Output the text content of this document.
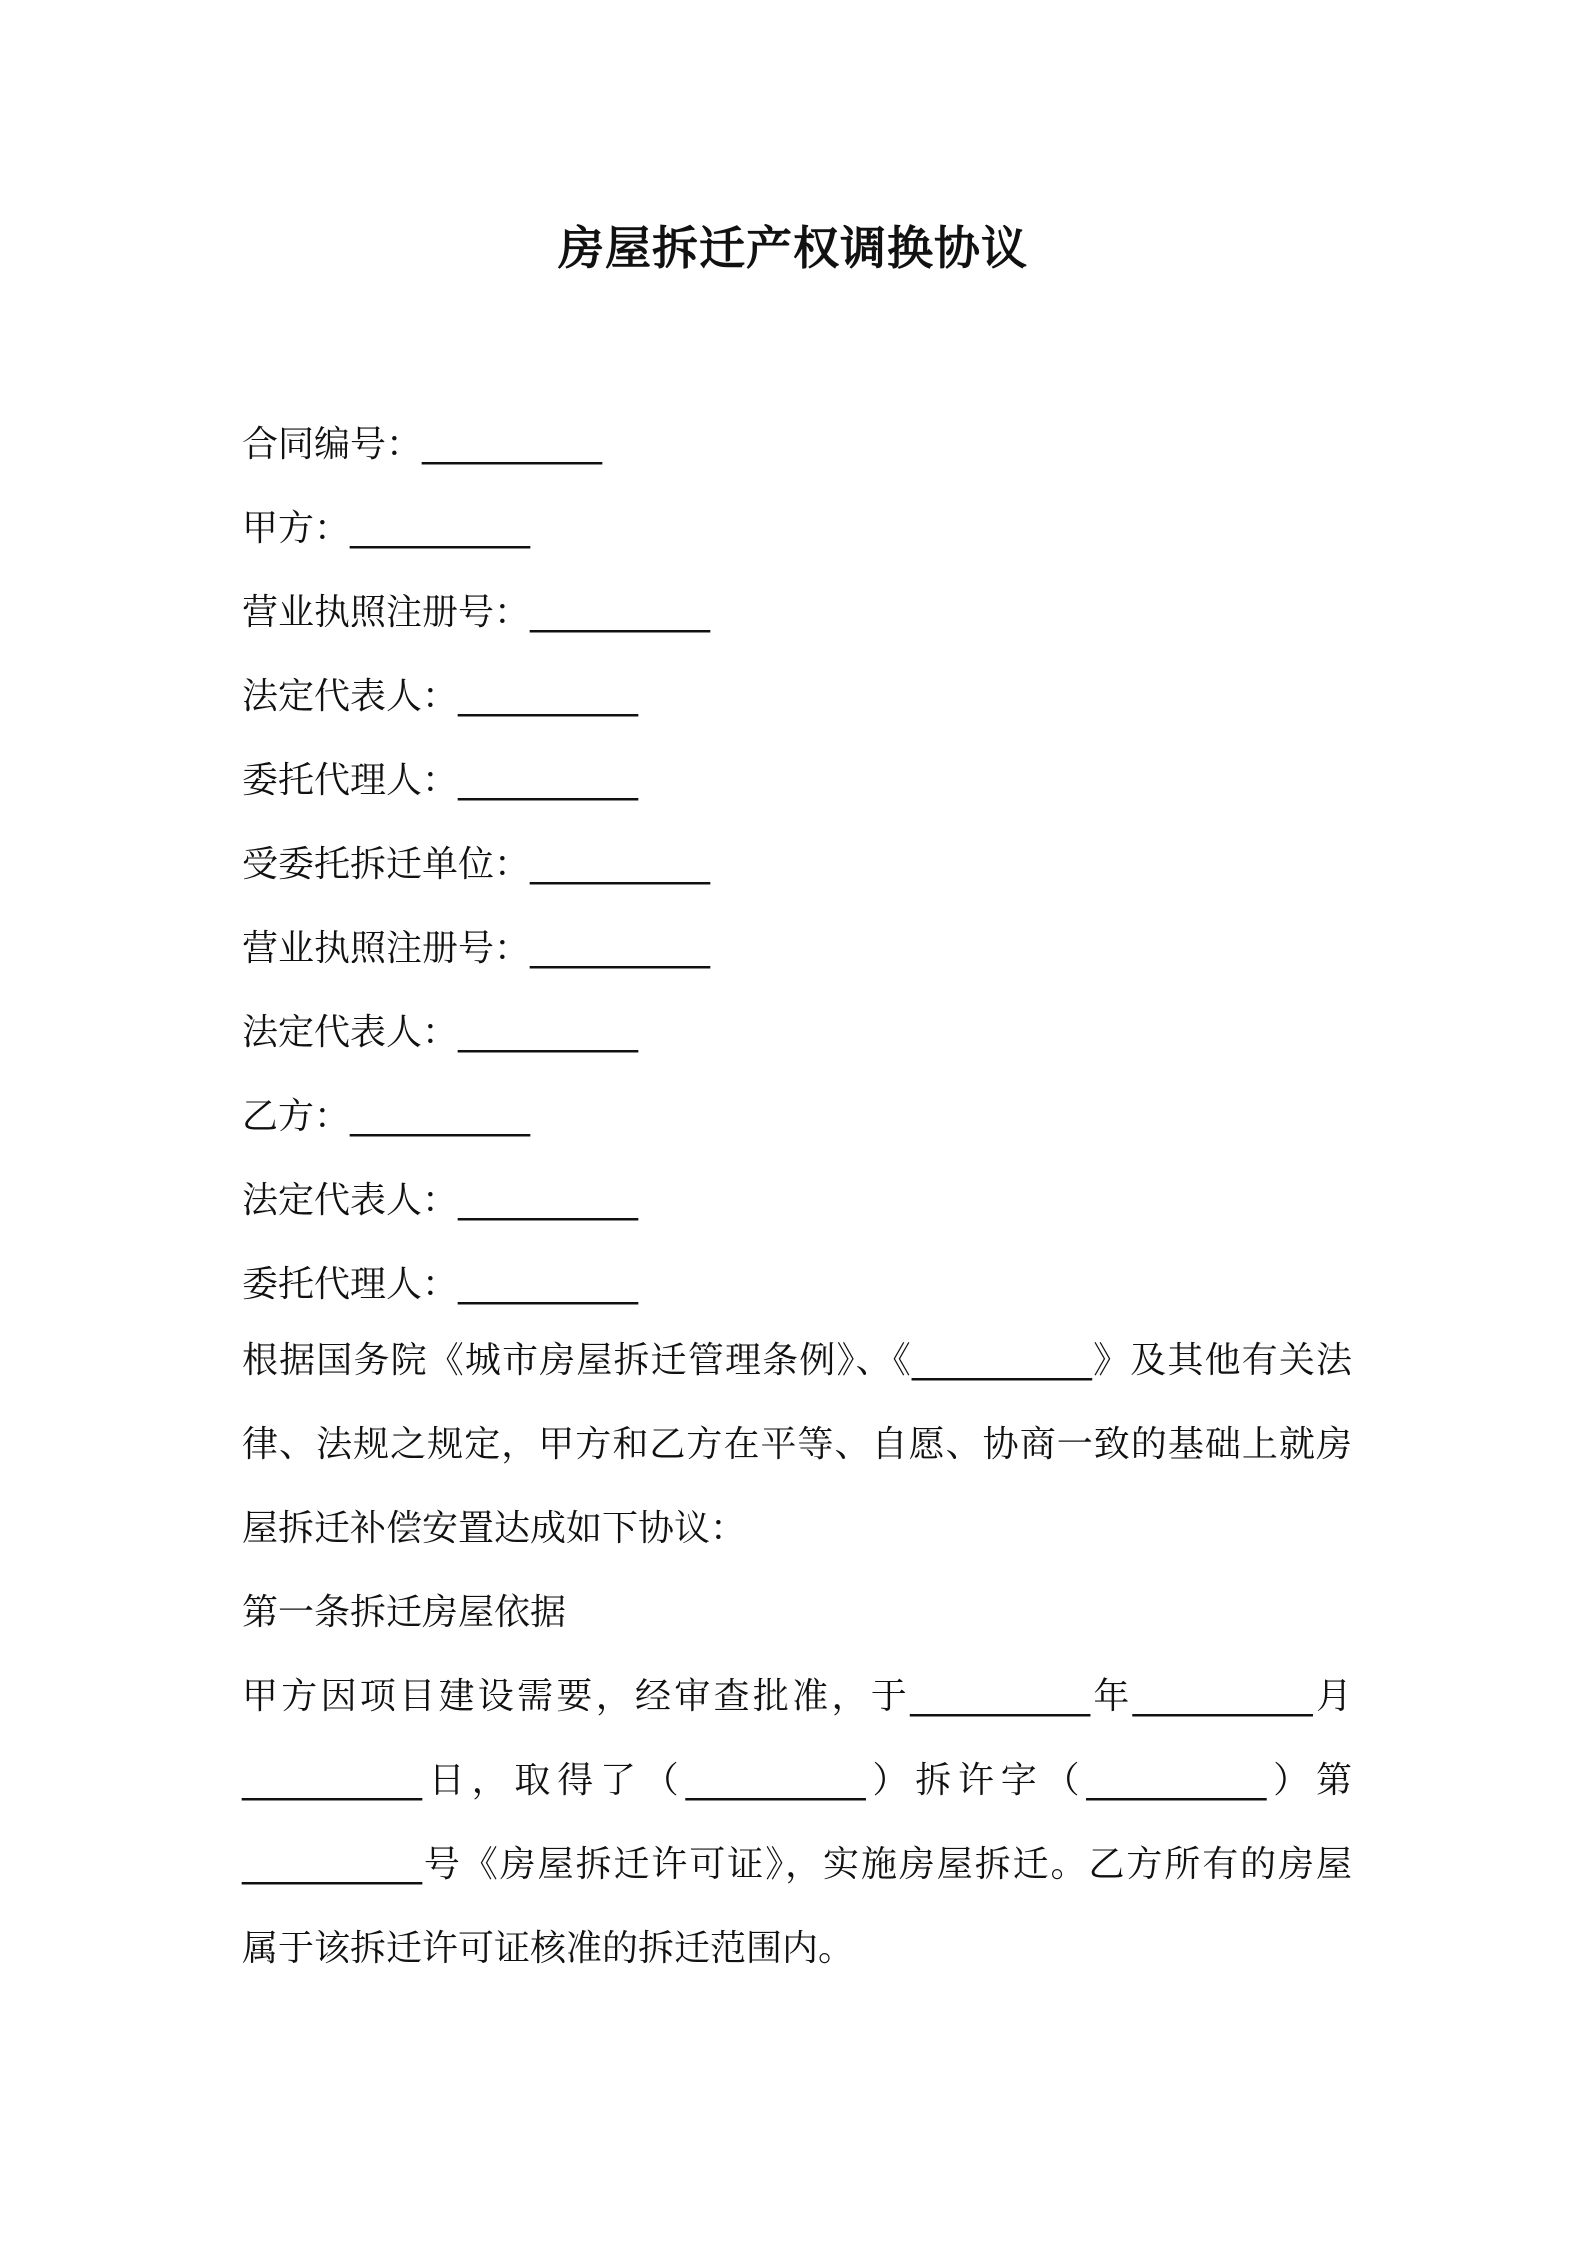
房屋拆迁产权调换协议
合同编号：__________
甲方：__________
营业执照注册号：__________
法定代表人：__________
委托代理人：__________
受委托拆迁单位：__________
营业执照注册号：__________
法定代表人：__________
乙方：__________
法定代表人：__________
委托代理人：__________
根据国务院《城市房屋拆迁管理条例》、《__________》及其他有关法
律、法规之规定，甲方和乙方在平等、自愿、协商一致的基础上就房
屋拆迁补偿安置达成如下协议：
第一条拆迁房屋依据
甲方因项目建设需要，经审查批准，于__________年__________月
__________日，取得了（__________）拆许字（__________）第
__________号《房屋拆迁许可证》，实施房屋拆迁。乙方所有的房屋
属于该拆迁许可证核准的拆迁范围内。
